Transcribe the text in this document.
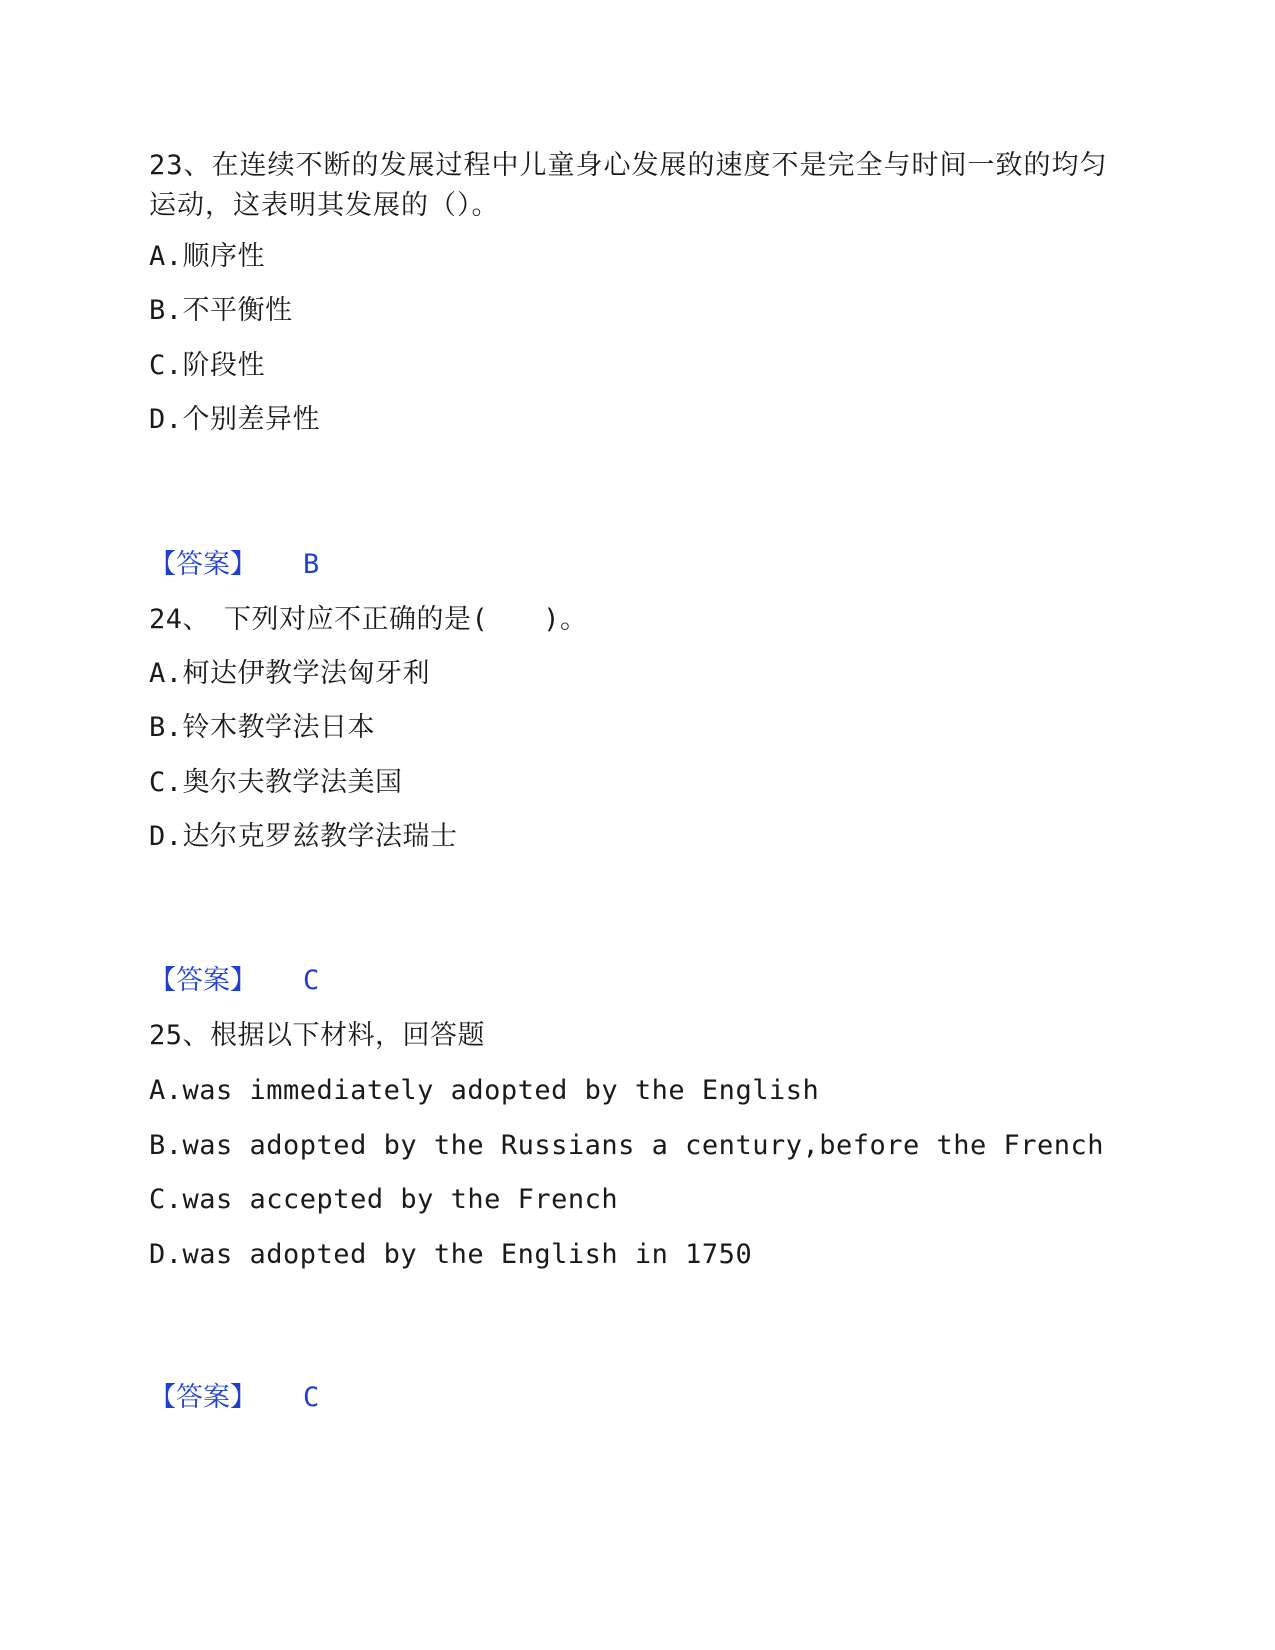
23、在连续不断的发展过程中儿童身心发展的速度不是完全与时间一致的均匀运动，这表明其发展的（）。
A.顺序性
B.不平衡性
C.阶段性
D.个别差异性
【答案】 B
24、　下列对应不正确的是(　　)。
A.柯达伊教学法匈牙利
B.铃木教学法日本
C.奥尔夫教学法美国
D.达尔克罗兹教学法瑞士
【答案】 C
25、根据以下材料，回答题
A.was immediately adopted by the English
B.was adopted by the Russians a century,before the French
C.was accepted by the French
D.was adopted by the English in 1750
【答案】 C
